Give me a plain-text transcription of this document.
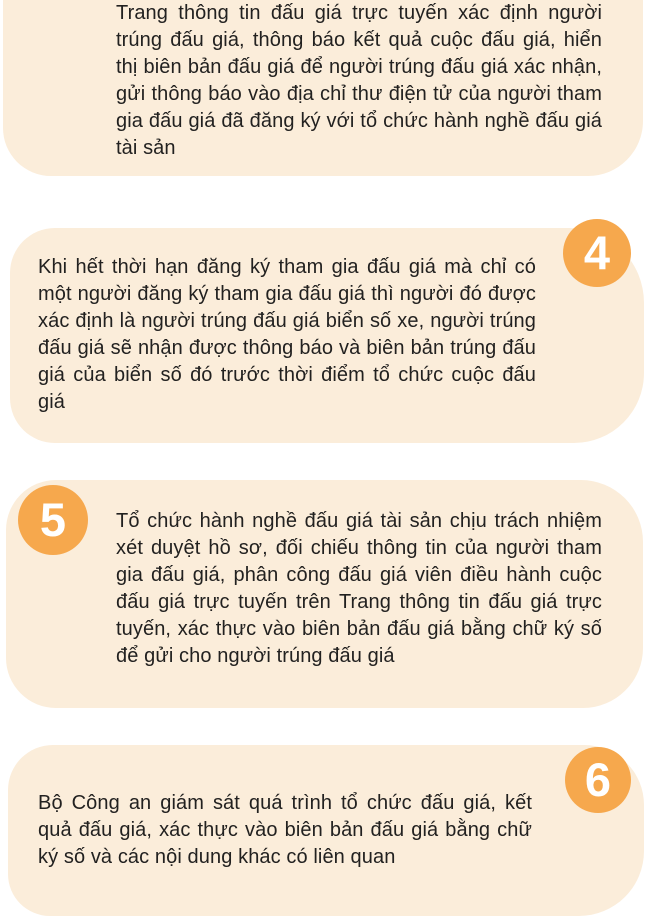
Trang thông tin đấu giá trực tuyến xác định người trúng đấu giá, thông báo kết quả cuộc đấu giá, hiển thị biên bản đấu giá để người trúng đấu giá xác nhận, gửi thông báo vào địa chỉ thư điện tử của người tham gia đấu giá đã đăng ký với tổ chức hành nghề đấu giá tài sản
4
Khi hết thời hạn đăng ký tham gia đấu giá mà chỉ có một người đăng ký tham gia đấu giá thì người đó được xác định là người trúng đấu giá biển số xe, người trúng đấu giá sẽ nhận được thông báo và biên bản trúng đấu giá của biển số đó trước thời điểm tổ chức cuộc đấu giá
5 Tổ chức hành nghề đấu giá tài sản chịu trách nhiệm xét duyệt hồ sơ, đối chiếu thông tin của người tham gia đấu giá, phân công đấu giá viên điều hành cuộc đấu giá trực tuyến trên Trang thông tin đấu giá trực tuyến, xác thực vào biên bản đấu giá bằng chữ ký số để gửi cho người trúng đấu giá
6
Bộ Công an giám sát quá trình tổ chức đấu giá, kết quả đấu giá, xác thực vào biên bản đấu giá bằng chữ ký số và các nội dung khác có liên quan
